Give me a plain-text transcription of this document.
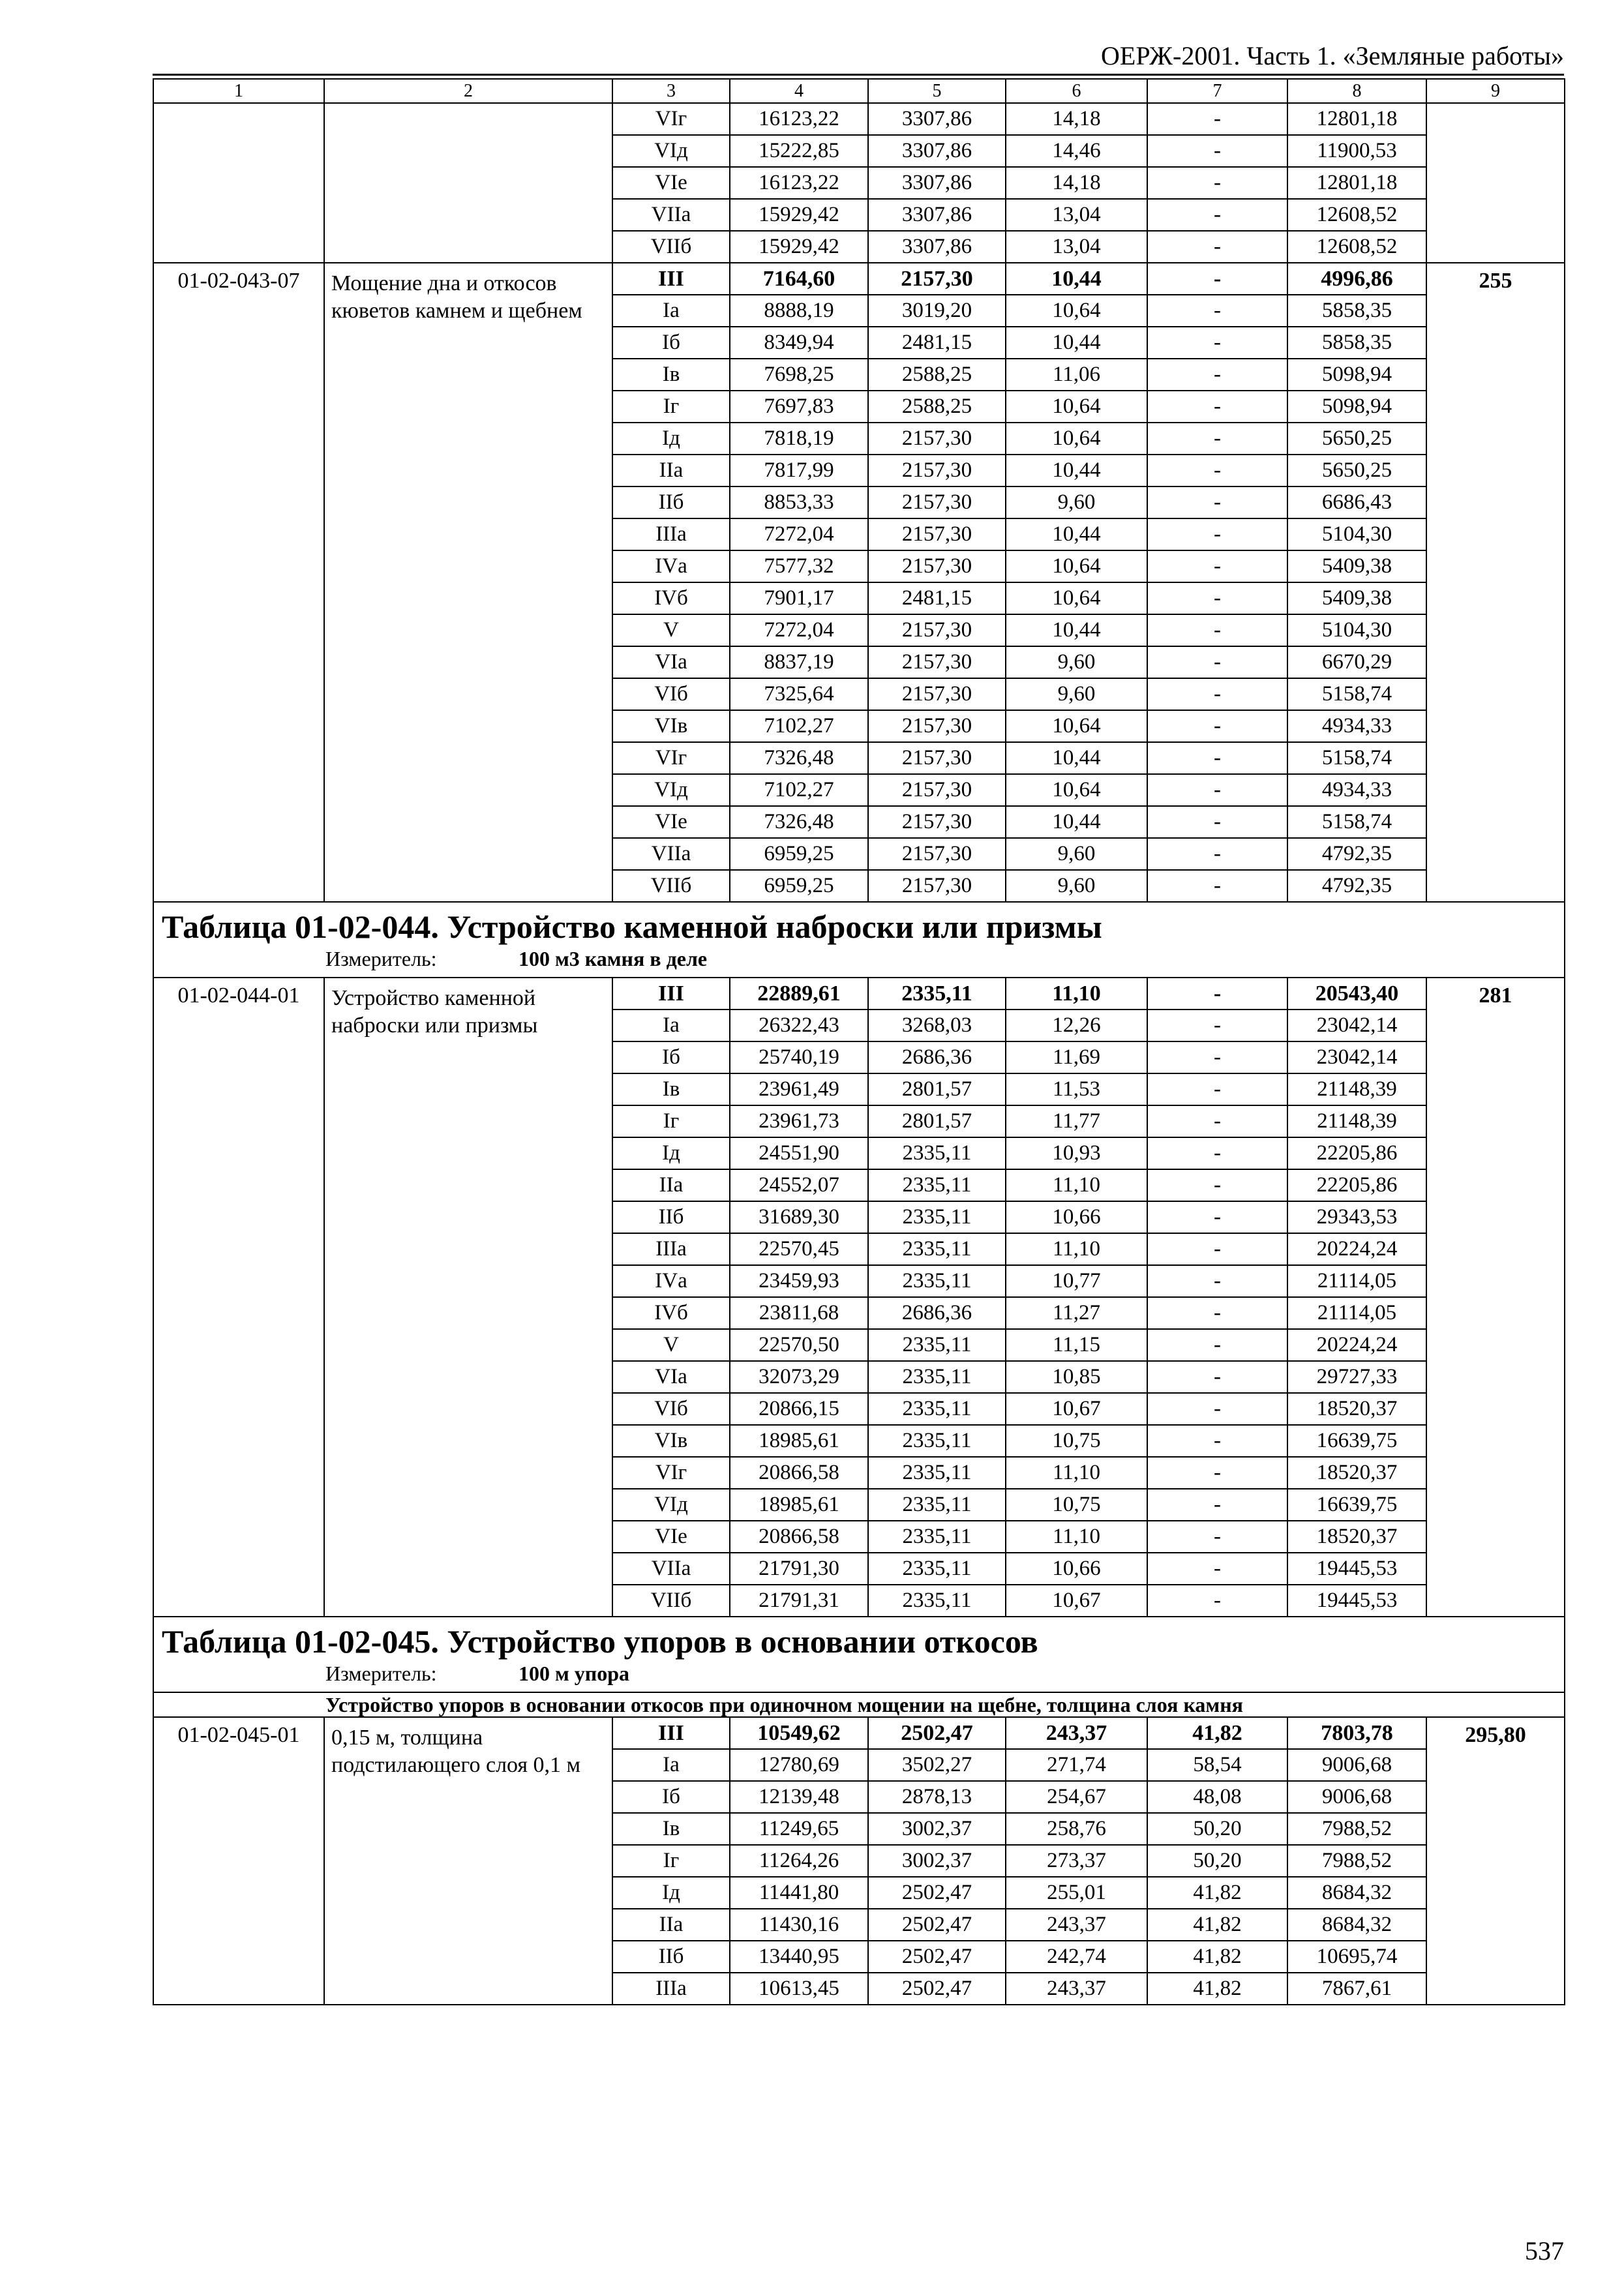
ОЕРЖ-2001. Часть 1. «Земляные работы»
1	2	3	4	5	6	7	8	9
		VIг	16123,22	3307,86	14,18	-	12801,18	
		VIд	15222,85	3307,86	14,46	-	11900,53	
		VIе	16123,22	3307,86	14,18	-	12801,18	
		VIIа	15929,42	3307,86	13,04	-	12608,52	
		VIIб	15929,42	3307,86	13,04	-	12608,52	
01-02-043-07	Мощение дна и откосов кюветов камнем и щебнем	III	7164,60	2157,30	10,44	-	4996,86	255
		Iа	8888,19	3019,20	10,64	-	5858,35	
		Iб	8349,94	2481,15	10,44	-	5858,35	
		Iв	7698,25	2588,25	11,06	-	5098,94	
		Iг	7697,83	2588,25	10,64	-	5098,94	
		Iд	7818,19	2157,30	10,64	-	5650,25	
		IIа	7817,99	2157,30	10,44	-	5650,25	
		IIб	8853,33	2157,30	9,60	-	6686,43	
		IIIа	7272,04	2157,30	10,44	-	5104,30	
		IVа	7577,32	2157,30	10,64	-	5409,38	
		IVб	7901,17	2481,15	10,64	-	5409,38	
		V	7272,04	2157,30	10,44	-	5104,30	
		VIа	8837,19	2157,30	9,60	-	6670,29	
		VIб	7325,64	2157,30	9,60	-	5158,74	
		VIв	7102,27	2157,30	10,64	-	4934,33	
		VIг	7326,48	2157,30	10,44	-	5158,74	
		VIд	7102,27	2157,30	10,64	-	4934,33	
		VIе	7326,48	2157,30	10,44	-	5158,74	
		VIIа	6959,25	2157,30	9,60	-	4792,35	
		VIIб	6959,25	2157,30	9,60	-	4792,35	

Таблица 01-02-044. Устройство каменной наброски или призмы
Измеритель: 100 м3 камня в деле								

01-02-044-01	Устройство каменной наброски или призмы	III	22889,61	2335,11	11,10	-	20543,40	281
		Iа	26322,43	3268,03	12,26	-	23042,14	
		Iб	25740,19	2686,36	11,69	-	23042,14	
		Iв	23961,49	2801,57	11,53	-	21148,39	
		Iг	23961,73	2801,57	11,77	-	21148,39	
		Iд	24551,90	2335,11	10,93	-	22205,86	
		IIа	24552,07	2335,11	11,10	-	22205,86	
		IIб	31689,30	2335,11	10,66	-	29343,53	
		IIIа	22570,45	2335,11	11,10	-	20224,24	
		IVа	23459,93	2335,11	10,77	-	21114,05	
		IVб	23811,68	2686,36	11,27	-	21114,05	
		V	22570,50	2335,11	11,15	-	20224,24	
		VIа	32073,29	2335,11	10,85	-	29727,33	
		VIб	20866,15	2335,11	10,67	-	18520,37	
		VIв	18985,61	2335,11	10,75	-	16639,75	
		VIг	20866,58	2335,11	11,10	-	18520,37	
		VIд	18985,61	2335,11	10,75	-	16639,75	
		VIе	20866,58	2335,11	11,10	-	18520,37	
		VIIа	21791,30	2335,11	10,66	-	19445,53	
		VIIб	21791,31	2335,11	10,67	-	19445,53	

Таблица 01-02-045. Устройство упоров в основании откосов
Измеритель: 100 м упора								

Устройство упоров в основании откосов при одиночном мощении на щебне, толщина слоя камня								
01-02-045-01	0,15 м, толщина подстилающего слоя 0,1 м	III	10549,62	2502,47	243,37	41,82	7803,78	295,80
		Iа	12780,69	3502,27	271,74	58,54	9006,68	
		Iб	12139,48	2878,13	254,67	48,08	9006,68	
		Iв	11249,65	3002,37	258,76	50,20	7988,52	
		Iг	11264,26	3002,37	273,37	50,20	7988,52	
		Iд	11441,80	2502,47	255,01	41,82	8684,32	
		IIа	11430,16	2502,47	243,37	41,82	8684,32	
		IIб	13440,95	2502,47	242,74	41,82	10695,74	
		IIIа	10613,45	2502,47	243,37	41,82	7867,61	
537
